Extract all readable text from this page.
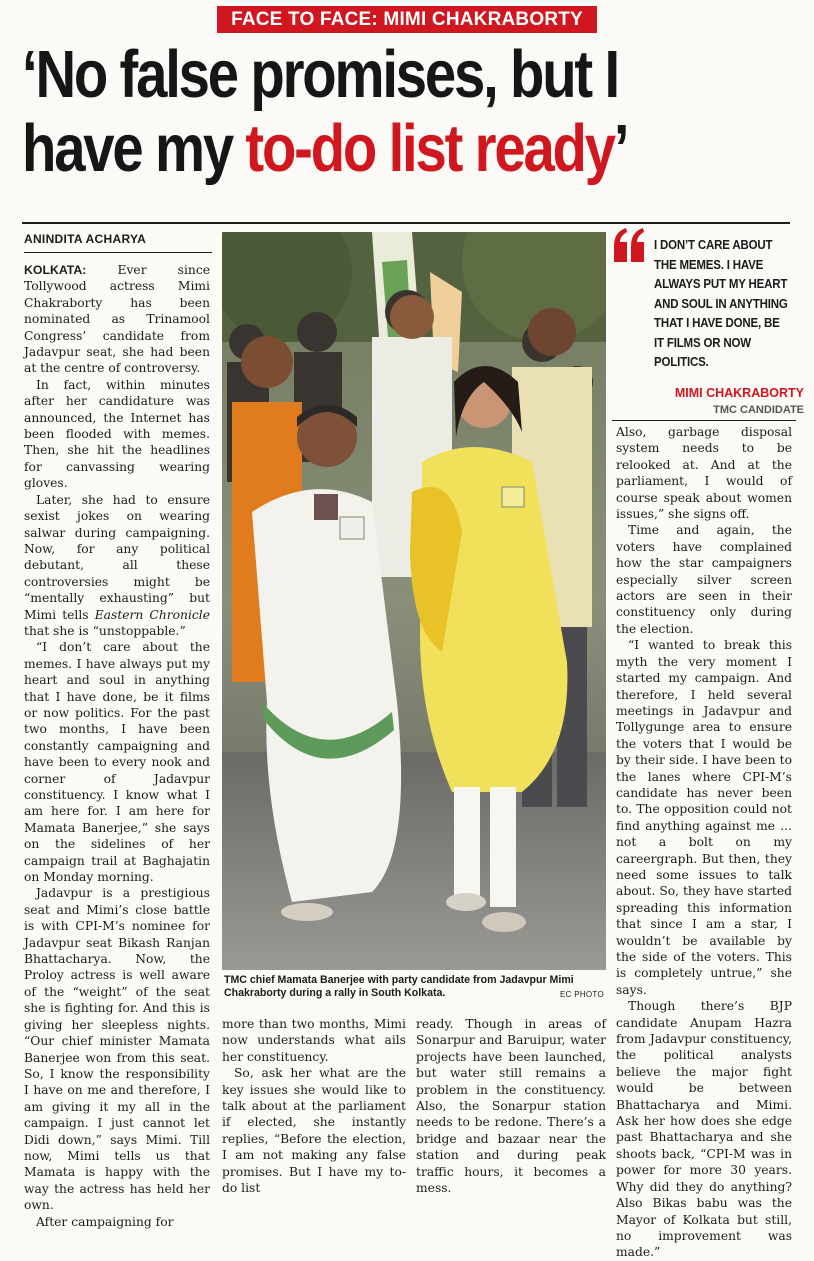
FACE TO FACE: MIMI CHAKRABORTY
‘No false promises, but I
have my to-do list ready’
ANINDITA ACHARYA

KOLKATA: Ever since Tollywood actress Mimi Chakraborty has been nominated as Trinamool Congress’ candidate from Jadavpur seat, she had been at the centre of controversy.

In fact, within minutes after her candidature was announced, the Internet has been flooded with memes. Then, she hit the headlines for canvassing wearing gloves.

Later, she had to ensure sexist jokes on wearing salwar during campaigning. Now, for any political debutant, all these controversies might be “mentally exhausting” but Mimi tells Eastern Chronicle that she is “unstoppable.”

“I don’t care about the memes. I have always put my heart and soul in anything that I have done, be it films or now politics. For the past two months, I have been constantly campaigning and have been to every nook and corner of Jadavpur constituency. I know what I am here for. I am here for Mamata Banerjee,” she says on the sidelines of her campaign trail at Baghajatin on Monday morning.

Jadavpur is a prestigious seat and Mimi’s close battle is with CPI-M’s nominee for Jadavpur seat Bikash Ranjan Bhattacharya. Now, the Proloy actress is well aware of the “weight” of the seat she is fighting for. And this is giving her sleepless nights. “Our chief minister Mamata Banerjee won from this seat. So, I know the responsibility I have on me and therefore, I am giving it my all in the campaign. I just cannot let Didi down,” says Mimi. Till now, Mimi tells us that Mamata is happy with the way the actress has held her own.

After campaigning for

TMC chief Mamata Banerjee with party candidate from Jadavpur Mimi Chakraborty during a rally in South Kolkata.	EC PHOTO

more than two months, Mimi now understands what ails her constituency.

So, ask her what are the key issues she would like to talk about at the parliament if elected, she instantly replies, “Before the election, I am not making any false promises. But I have my to-do list

ready. Though in areas of Sonarpur and Baruipur, water projects have been launched, but water still remains a problem in the constituency. Also, the Sonarpur station needs to be redone. There’s a bridge and bazaar near the station and during peak traffic hours, it becomes a mess.

I DON’T CARE ABOUT THE MEMES. I HAVE ALWAYS PUT MY HEART AND SOUL IN ANYTHING THAT I HAVE DONE, BE IT FILMS OR NOW POLITICS.
MIMI CHAKRABORTY
TMC CANDIDATE

Also, garbage disposal system needs to be relooked at. And at the parliament, I would of course speak about women issues,” she signs off.

Time and again, the voters have complained how the star campaigners especially silver screen actors are seen in their constituency only during the election.

“I wanted to break this myth the very moment I started my campaign. And therefore, I held several meetings in Jadavpur and Tollygunge area to ensure the voters that I would be by their side. I have been to the lanes where CPI-M’s candidate has never been to. The opposition could not find anything against me ... not a bolt on my careergraph. But then, they need some issues to talk about. So, they have started spreading this information that since I am a star, I wouldn’t be available by the side of the voters. This is completely untrue,” she says.

Though there’s BJP candidate Anupam Hazra from Jadavpur constituency, the political analysts believe the major fight would be between Bhattacharya and Mimi. Ask her how does she edge past Bhattacharya and she shoots back, “CPI-M was in power for more 30 years. Why did they do anything? Also Bikas babu was the Mayor of Kolkata but still, no improvement was made.”
